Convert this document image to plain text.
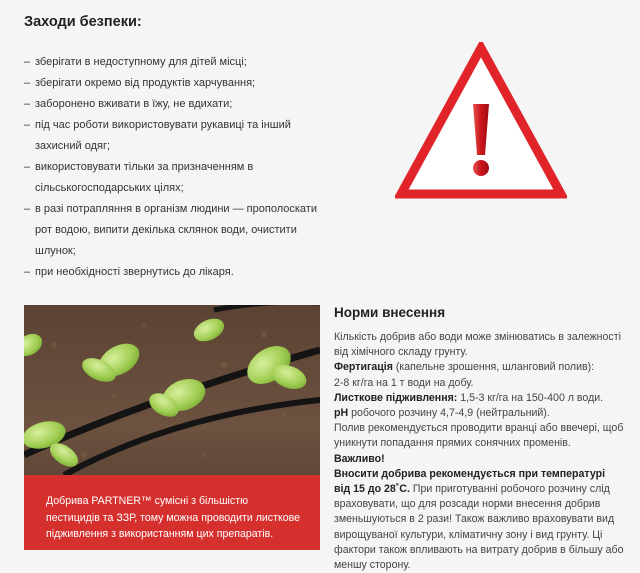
Заходи безпеки:
– зберігати в недоступному для дітей місці;
– зберігати окремо від продуктів харчування;
– заборонено вживати в їжу, не вдихати;
– під час роботи використовувати рукавиці та інший захисний одяг;
– використовувати тільки за призначенням в сільськогосподарських цілях;
– в разі потрапляння в організм людини — прополоскати рот водою, випити декілька склянок води, очистити шлунок;
– при необхідності звернутись до лікаря.
Добрива PARTNER™ сумісні з більшістю пестицидів та ЗЗР, тому можна проводити листкове підживлення з використанням цих препаратів.
Норми внесення

Кількість добрив або води може змінюватись в залежності від хімічного складу грунту.

Фертигація (капельне зрошення, шланговий полив):

2-8 кг/га на 1 т води на добу.

Листкове підживлення: 1,5-3 кг/га на 150-400 л води.

pH робочого розчину 4,7-4,9 (нейтральний).

Полив рекомендується проводити вранці або ввечері, щоб уникнути попадання прямих сонячних променів.

Важливо!

Вносити добрива рекомендується при температурі від 15 до 28˚С. При приготуванні робочого розчину слід враховувати, що для розсади норми внесення добрив зменьшуються в 2 рази! Також важливо враховувати вид вирощуваної культури, кліматичну зону і вид грунту. Ці фактори також впливають на витрату добрив в більшу або меншу сторону.
